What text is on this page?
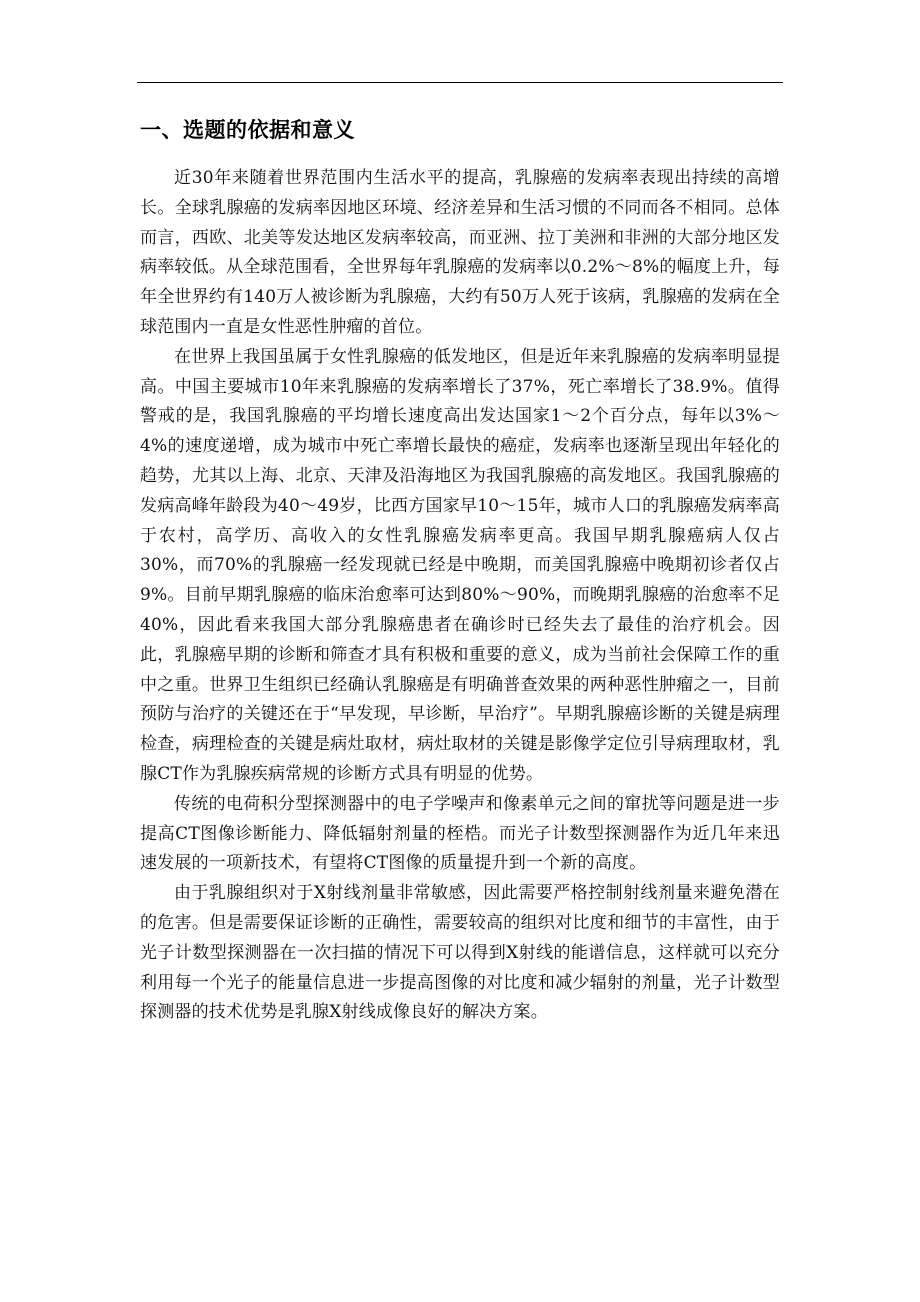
一、选题的依据和意义

近30年来随着世界范围内生活水平的提高，乳腺癌的发病率表现出持续的高增长。全球乳腺癌的发病率因地区环境、经济差异和生活习惯的不同而各不相同。总体而言，西欧、北美等发达地区发病率较高，而亚洲、拉丁美洲和非洲的大部分地区发病率较低。从全球范围看，全世界每年乳腺癌的发病率以0.2%～8%的幅度上升，每年全世界约有140万人被诊断为乳腺癌，大约有50万人死于该病，乳腺癌的发病在全球范围内一直是女性恶性肿瘤的首位。

在世界上我国虽属于女性乳腺癌的低发地区，但是近年来乳腺癌的发病率明显提高。中国主要城市10年来乳腺癌的发病率增长了37%，死亡率增长了38.9%。值得警戒的是，我国乳腺癌的平均增长速度高出发达国家1～2个百分点，每年以3%～4%的速度递增，成为城市中死亡率增长最快的癌症，发病率也逐渐呈现出年轻化的趋势，尤其以上海、北京、天津及沿海地区为我国乳腺癌的高发地区。我国乳腺癌的发病高峰年龄段为40～49岁，比西方国家早10～15年，城市人口的乳腺癌发病率高于农村，高学历、高收入的女性乳腺癌发病率更高。我国早期乳腺癌病人仅占30%，而70%的乳腺癌一经发现就已经是中晚期，而美国乳腺癌中晚期初诊者仅占9%。目前早期乳腺癌的临床治愈率可达到80%～90%，而晚期乳腺癌的治愈率不足40%，因此看来我国大部分乳腺癌患者在确诊时已经失去了最佳的治疗机会。因此，乳腺癌早期的诊断和筛查才具有积极和重要的意义，成为当前社会保障工作的重中之重。世界卫生组织已经确认乳腺癌是有明确普查效果的两种恶性肿瘤之一，目前预防与治疗的关键还在于“早发现，早诊断，早治疗”。早期乳腺癌诊断的关键是病理检查，病理检查的关键是病灶取材，病灶取材的关键是影像学定位引导病理取材，乳腺CT作为乳腺疾病常规的诊断方式具有明显的优势。

传统的电荷积分型探测器中的电子学噪声和像素单元之间的窜扰等问题是进一步提高CT图像诊断能力、降低辐射剂量的桎梏。而光子计数型探测器作为近几年来迅速发展的一项新技术，有望将CT图像的质量提升到一个新的高度。

由于乳腺组织对于X射线剂量非常敏感，因此需要严格控制射线剂量来避免潜在的危害。但是需要保证诊断的正确性，需要较高的组织对比度和细节的丰富性，由于光子计数型探测器在一次扫描的情况下可以得到X射线的能谱信息，这样就可以充分利用每一个光子的能量信息进一步提高图像的对比度和减少辐射的剂量，光子计数型探测器的技术优势是乳腺X射线成像良好的解决方案。
